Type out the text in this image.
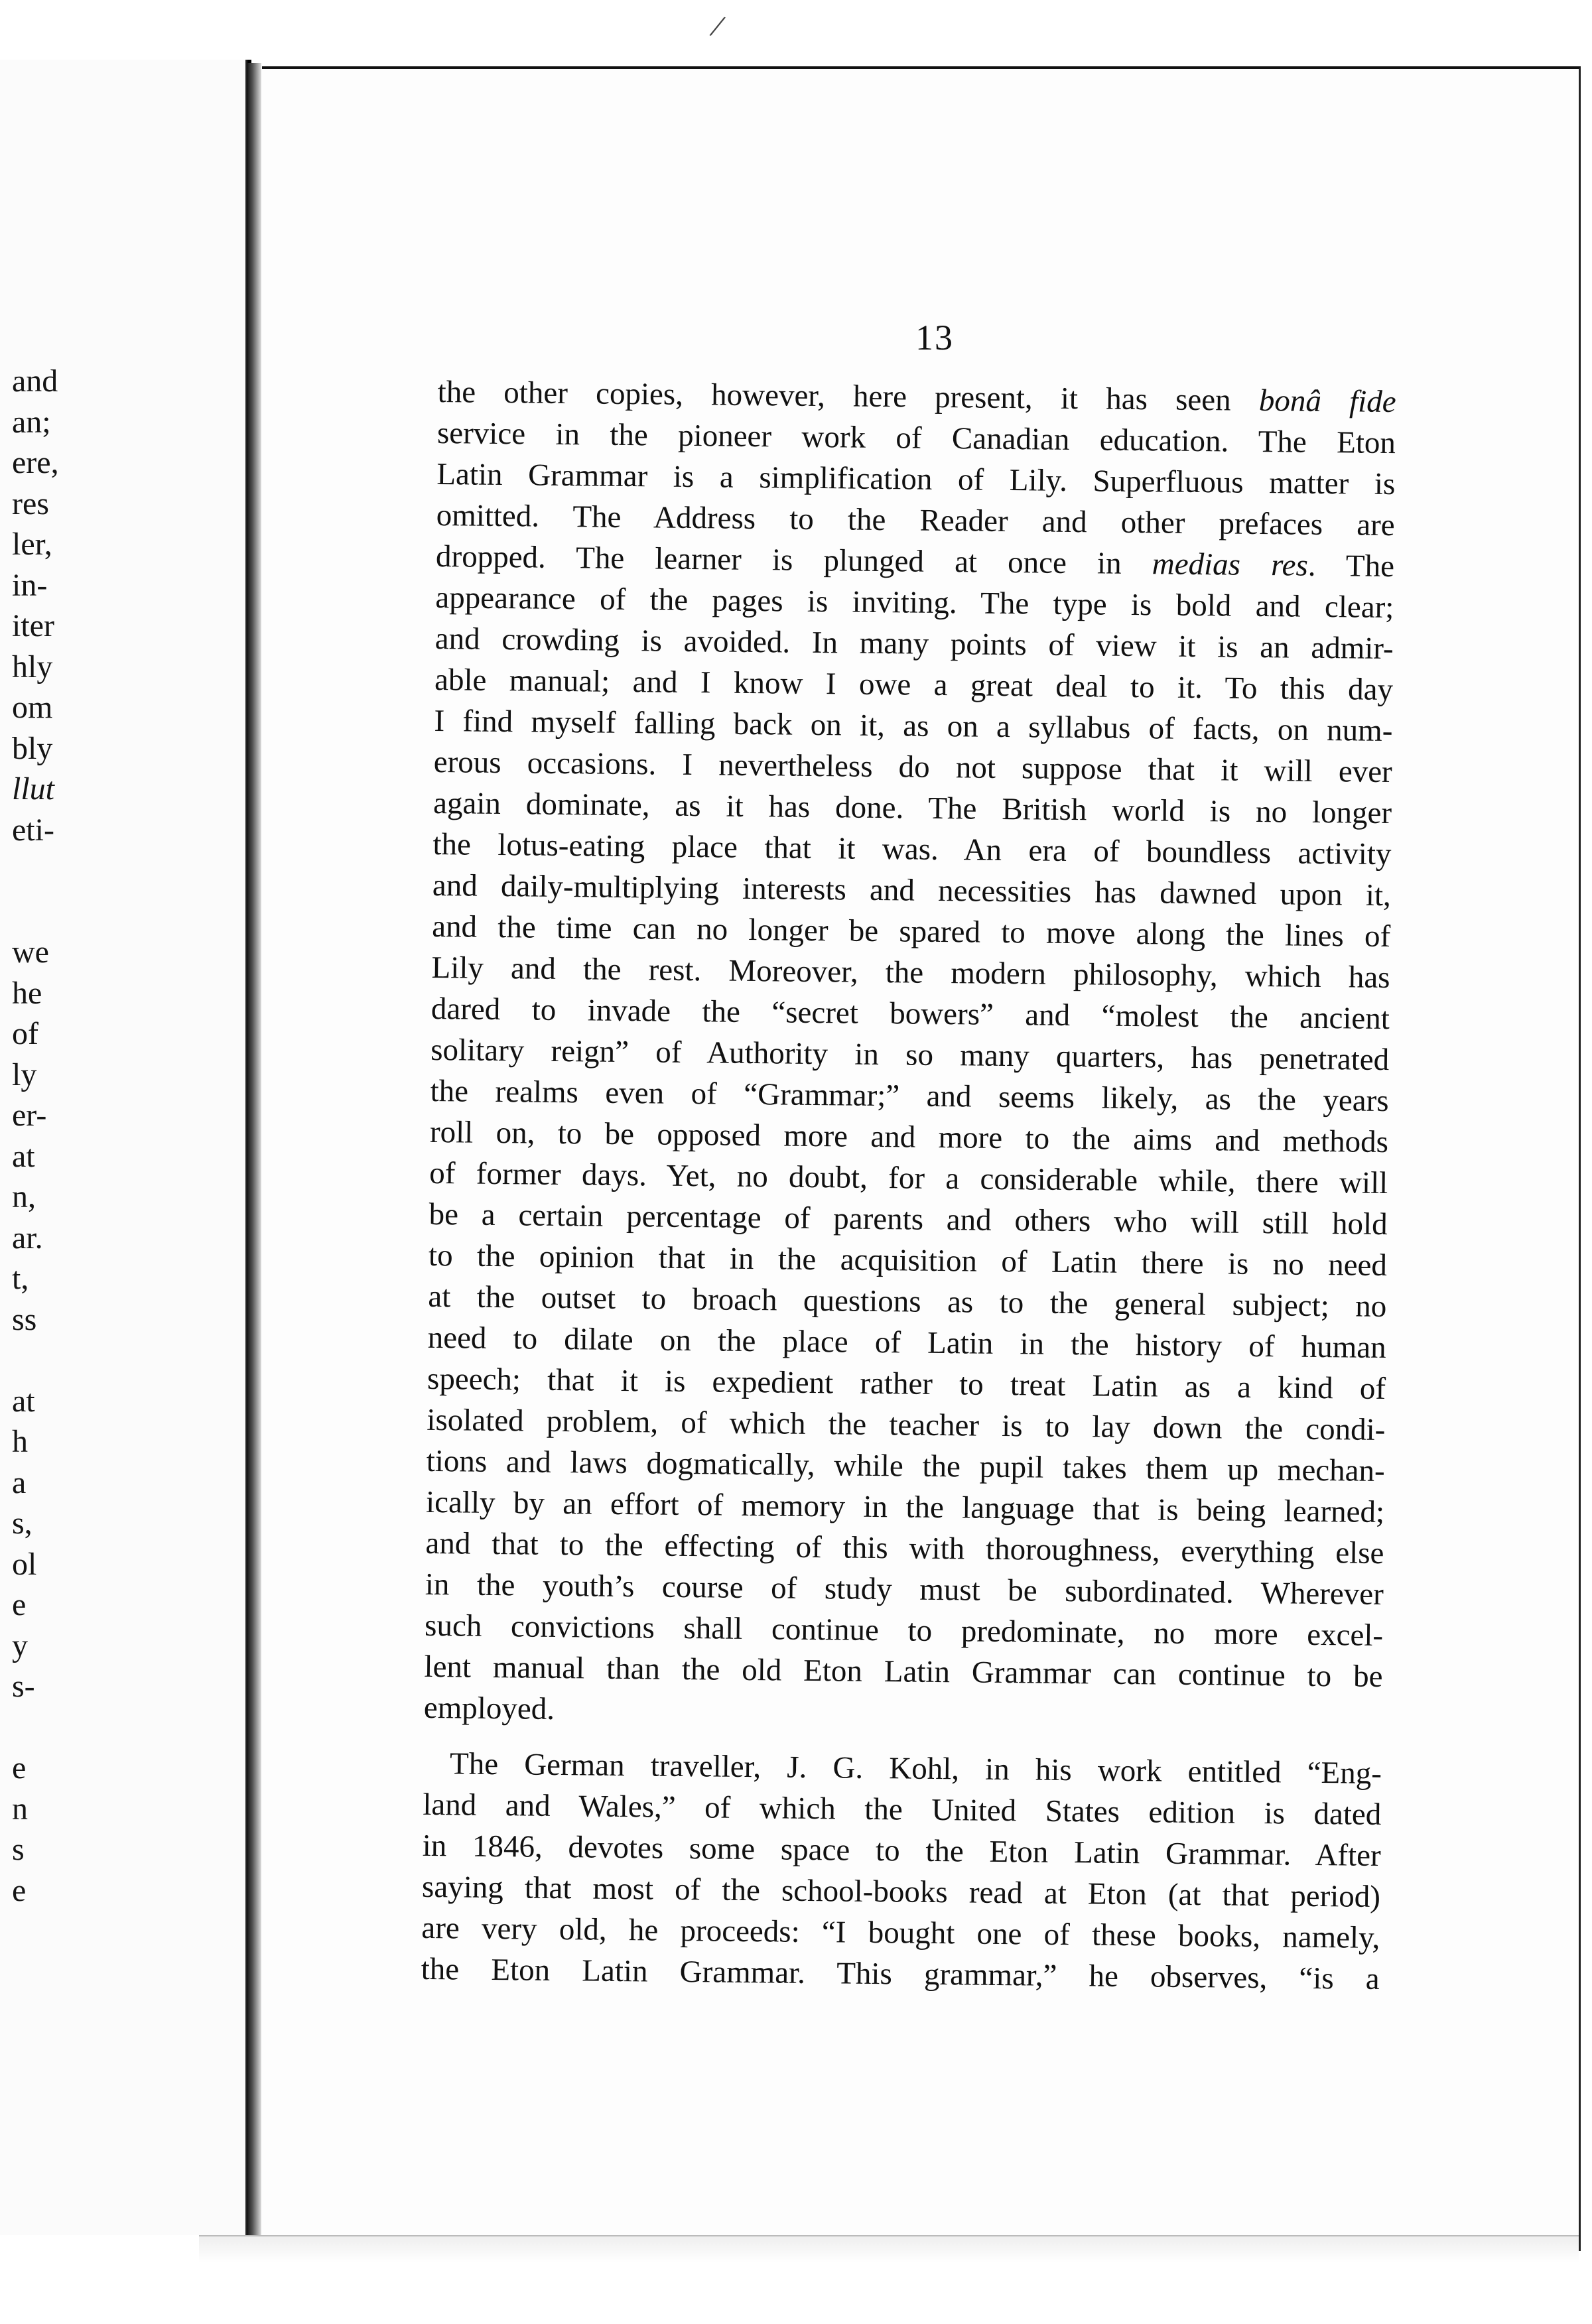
/
and
an;
ere,
res
ler,
in-
iter
hly
om
bly
llut
eti-
we
he
of
ly
er-
at
n,
ar.
t,
ss
at
h
a
s,
ol
e
y
s-
e
n
s
e
13
the other copies, however, here present, it has seen bonâ fide
service in the pioneer work of Canadian education. The Eton
Latin Grammar is a simplification of Lily. Superfluous matter is
omitted. The Address to the Reader and other prefaces are
dropped. The learner is plunged at once in medias res. The
appearance of the pages is inviting. The type is bold and clear;
and crowding is avoided. In many points of view it is an admir-
able manual; and I know I owe a great deal to it. To this day
I find myself falling back on it, as on a syllabus of facts, on num-
erous occasions. I nevertheless do not suppose that it will ever
again dominate, as it has done. The British world is no longer
the lotus-eating place that it was. An era of boundless activity
and daily-multiplying interests and necessities has dawned upon it,
and the time can no longer be spared to move along the lines of
Lily and the rest. Moreover, the modern philosophy, which has
dared to invade the “secret bowers” and “molest the ancient
solitary reign” of Authority in so many quarters, has penetrated
the realms even of “Grammar;” and seems likely, as the years
roll on, to be opposed more and more to the aims and methods
of former days. Yet, no doubt, for a considerable while, there will
be a certain percentage of parents and others who will still hold
to the opinion that in the acquisition of Latin there is no need
at the outset to broach questions as to the general subject; no
need to dilate on the place of Latin in the history of human
speech; that it is expedient rather to treat Latin as a kind of
isolated problem, of which the teacher is to lay down the condi-
tions and laws dogmatically, while the pupil takes them up mechan-
ically by an effort of memory in the language that is being learned;
and that to the effecting of this with thoroughness, everything else
in the youth’s course of study must be subordinated. Wherever
such convictions shall continue to predominate, no more excel-
lent manual than the old Eton Latin Grammar can continue to be
employed.
The German traveller, J. G. Kohl, in his work entitled “Eng-
land and Wales,” of which the United States edition is dated
in 1846, devotes some space to the Eton Latin Grammar. After
saying that most of the school-books read at Eton (at that period)
are very old, he proceeds: “I bought one of these books, namely,
the Eton Latin Grammar. This grammar,” he observes, “is a
